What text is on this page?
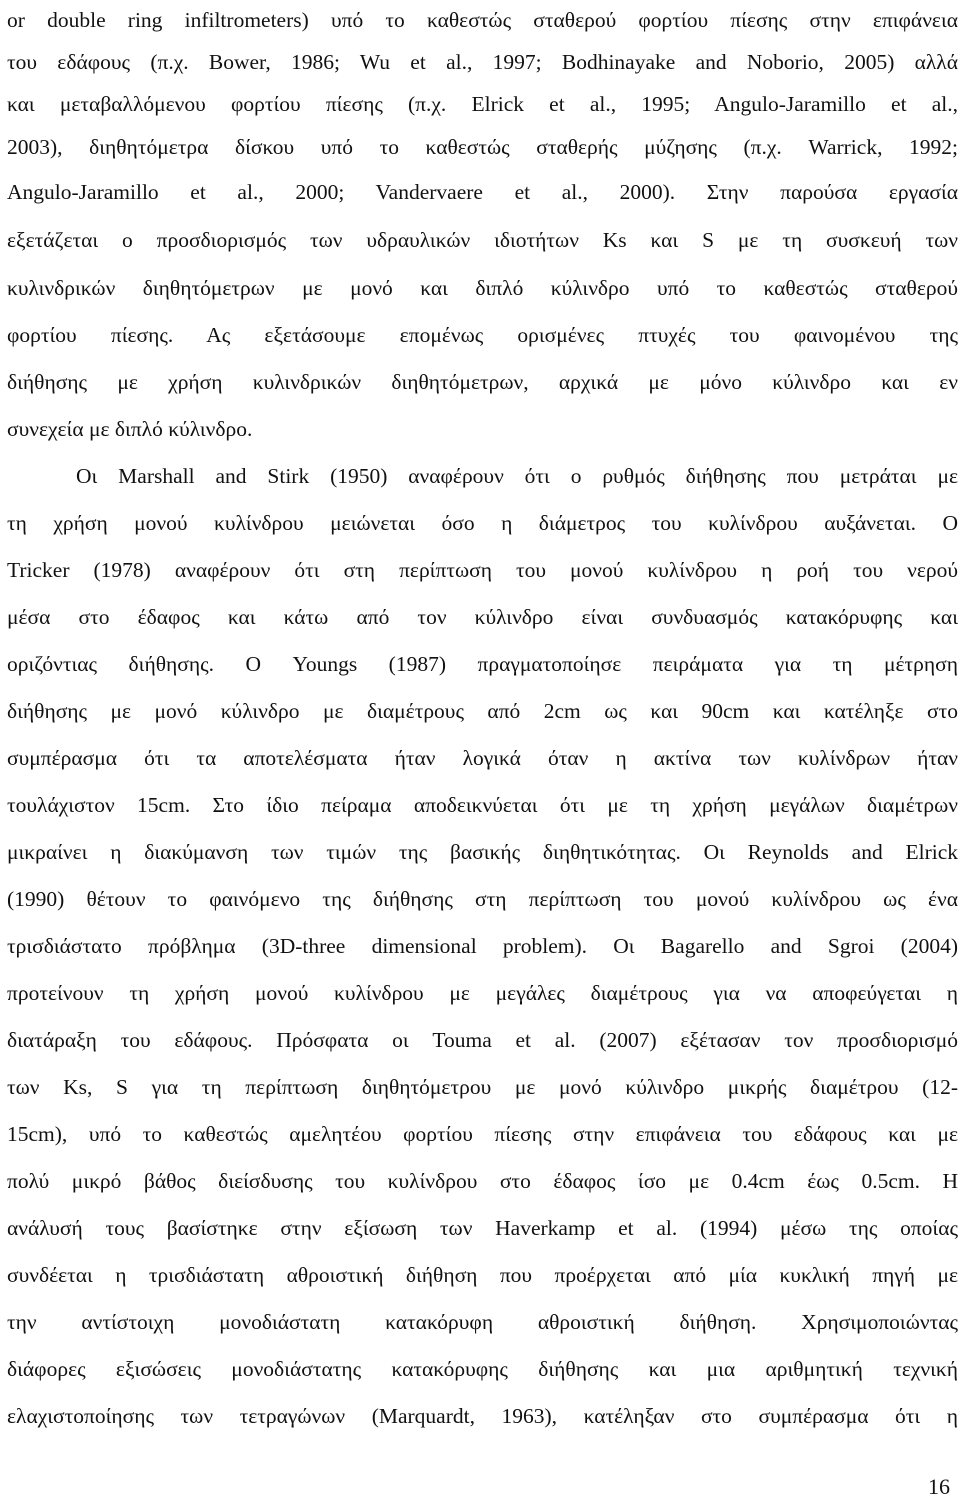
or double ring infiltrometers) υπό το καθεστώς σταθερού φορτίου πίεσης στην επιφάνεια
του εδάφους (π.χ. Bower, 1986; Wu et al., 1997; Bodhinayake and Noborio, 2005) αλλά
και μεταβαλλόμενου φορτίου πίεσης (π.χ. Elrick et al., 1995; Angulo-Jaramillo et al.,
2003), διηθητόμετρα δίσκου υπό το καθεστώς σταθερής μύζησης (π.χ. Warrick, 1992;
Angulo-Jaramillo et al., 2000; Vandervaere et al., 2000). Στην παρούσα εργασία
εξετάζεται ο προσδιορισμός των υδραυλικών ιδιοτήτων Ks και S με τη συσκευή των
κυλινδρικών διηθητόμετρων με μονό και διπλό κύλινδρο υπό το καθεστώς σταθερού
φορτίου πίεσης. Ας εξετάσουμε επομένως ορισμένες πτυχές του φαινομένου της
διήθησης με χρήση κυλινδρικών διηθητόμετρων, αρχικά με μόνο κύλινδρο και εν
συνεχεία με διπλό κύλινδρο.
Οι Marshall and Stirk (1950) αναφέρουν ότι ο ρυθμός διήθησης που μετράται με
τη χρήση μονού κυλίνδρου μειώνεται όσο η διάμετρος του κυλίνδρου αυξάνεται. Ο
Tricker (1978) αναφέρουν ότι στη περίπτωση του μονού κυλίνδρου η ροή του νερού
μέσα στο έδαφος και κάτω από τον κύλινδρο είναι συνδυασμός κατακόρυφης και
οριζόντιας διήθησης. Ο Youngs (1987) πραγματοποίησε πειράματα για τη μέτρηση
διήθησης με μονό κύλινδρο με διαμέτρους από 2cm ως και 90cm και κατέληξε στο
συμπέρασμα ότι τα αποτελέσματα ήταν λογικά όταν η ακτίνα των κυλίνδρων ήταν
τουλάχιστον 15cm. Στο ίδιο πείραμα αποδεικνύεται ότι με τη χρήση μεγάλων διαμέτρων
μικραίνει η διακύμανση των τιμών της βασικής διηθητικότητας. Οι Reynolds and Elrick
(1990) θέτουν το φαινόμενο της διήθησης στη περίπτωση του μονού κυλίνδρου ως ένα
τρισδιάστατο πρόβλημα (3D-three dimensional problem). Οι Bagarello and Sgroi (2004)
προτείνουν τη χρήση μονού κυλίνδρου με μεγάλες διαμέτρους για να αποφεύγεται η
διατάραξη του εδάφους. Πρόσφατα οι Touma et al. (2007) εξέτασαν τον προσδιορισμό
των Ks, S για τη περίπτωση διηθητόμετρου με μονό κύλινδρο μικρής διαμέτρου (12-
15cm), υπό το καθεστώς αμελητέου φορτίου πίεσης στην επιφάνεια του εδάφους και με
πολύ μικρό βάθος διείσδυσης του κυλίνδρου στο έδαφος ίσο με 0.4cm έως 0.5cm. Η
ανάλυσή τους βασίστηκε στην εξίσωση των Haverkamp et al. (1994) μέσω της οποίας
συνδέεται η τρισδιάστατη αθροιστική διήθηση που προέρχεται από μία κυκλική πηγή με
την αντίστοιχη μονοδιάστατη κατακόρυφη αθροιστική διήθηση. Χρησιμοποιώντας
διάφορες εξισώσεις μονοδιάστατης κατακόρυφης διήθησης και μια αριθμητική τεχνική
ελαχιστοποίησης των τετραγώνων (Marquardt, 1963), κατέληξαν στο συμπέρασμα ότι η
16
